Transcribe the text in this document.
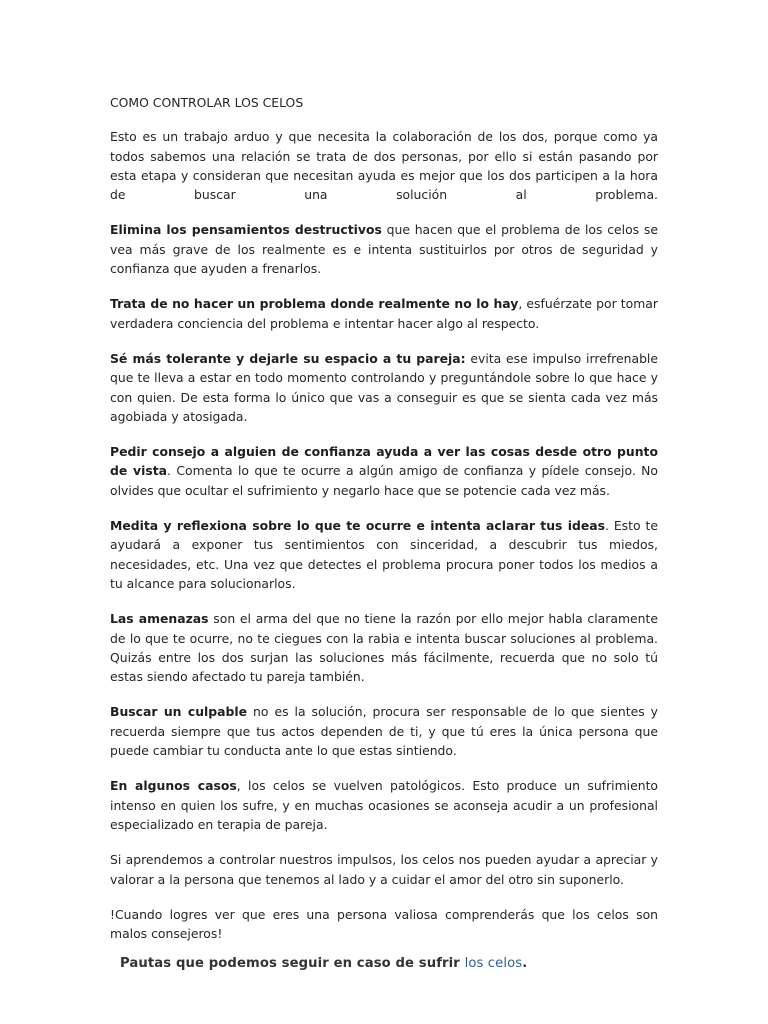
COMO CONTROLAR LOS CELOS

Esto es un trabajo arduo y que necesita la colaboración de los dos, porque como ya todos sabemos una relación se trata de dos personas, por ello si están pasando por esta etapa y consideran que necesitan ayuda es mejor que los dos participen a la hora de buscar una	solución al problema.

Elimina los pensamientos destructivos que hacen que el problema de los celos se vea más grave de los realmente es e intenta sustituirlos por otros de seguridad y confianza que ayuden a frenarlos.

Trata de no hacer un problema donde realmente no lo hay, esfuérzate por tomar verdadera conciencia del problema e intentar hacer algo al respecto.

Sé más tolerante y dejarle su espacio a tu pareja: evita ese impulso irrefrenable que te lleva a estar en todo momento controlando y preguntándole sobre lo que hace y con quien. De esta forma lo único que vas a conseguir es que se sienta cada vez más agobiada y atosigada.

Pedir consejo a alguien de confianza ayuda a ver las cosas desde otro punto de vista. Comenta lo que te ocurre a algún amigo de confianza y pídele consejo. No olvides que ocultar el sufrimiento y negarlo hace que se potencie cada vez más.

Medita y reflexiona sobre lo que te ocurre e intenta aclarar tus ideas. Esto te ayudará a exponer tus sentimientos con sinceridad, a descubrir tus miedos, necesidades, etc. Una vez que detectes el problema procura poner todos los medios a tu alcance para solucionarlos.

Las amenazas son el arma del que no tiene la razón por ello mejor habla claramente de lo que te ocurre, no te ciegues con la rabia e intenta buscar soluciones al problema. Quizás entre los dos surjan las soluciones más fácilmente, recuerda que no solo tú estas siendo afectado tu pareja también.

Buscar un culpable no es la solución, procura ser responsable de lo que sientes y recuerda siempre que tus actos dependen de ti, y que tú eres la única persona que puede cambiar tu conducta ante lo que estas sintiendo.

En algunos casos, los celos se vuelven patológicos. Esto produce un sufrimiento intenso en quien los sufre, y en muchas ocasiones se aconseja acudir a un profesional especializado en terapia de pareja.

Si aprendemos a controlar nuestros impulsos, los celos nos pueden ayudar a apreciar y valorar a la persona que tenemos al lado y a cuidar el amor del otro sin suponerlo.

!Cuando logres ver que eres una persona valiosa comprenderás que los celos son malos consejeros!

Pautas que podemos seguir en caso de sufrir los celos.
